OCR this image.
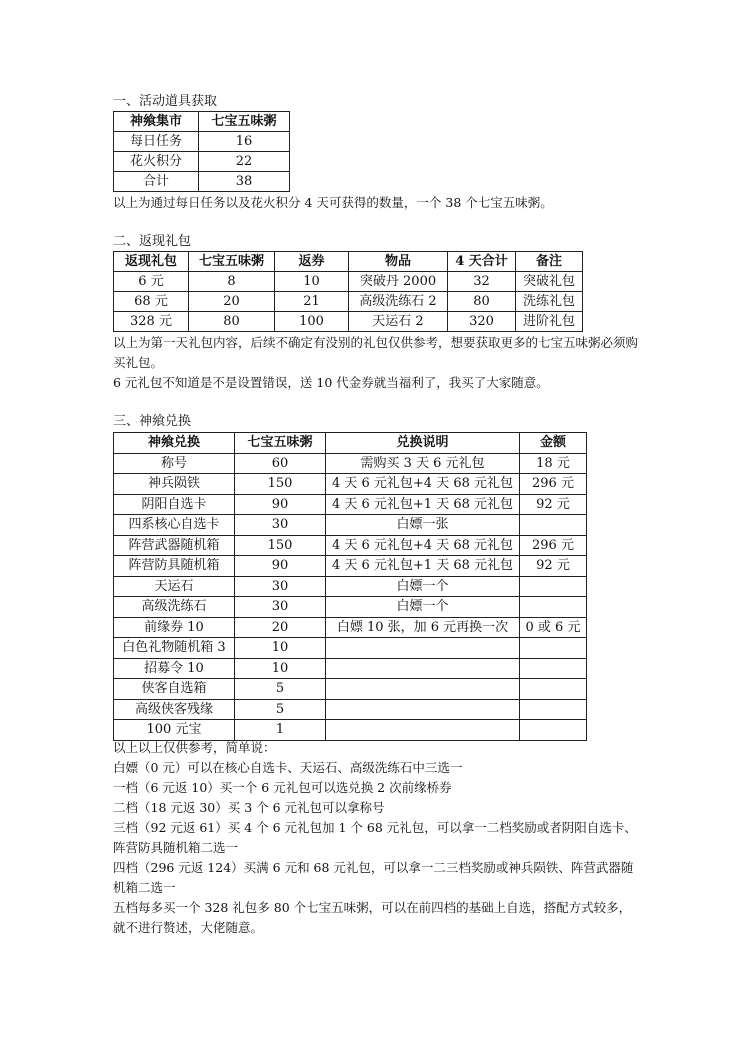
一、活动道具获取
神飨集市	七宝五味粥
每日任务	16
花火积分	22
合计	38
以上为通过每日任务以及花火积分 4 天可获得的数量，一个 38 个七宝五味粥。
二、返现礼包
返现礼包	七宝五味粥	返券	物品	4 天合计	备注
6 元	8	10	突破丹 2000	32	突破礼包
68 元	20	21	高级洗练石 2	80	洗练礼包
328 元	80	100	天运石 2	320	进阶礼包
以上为第一天礼包内容，后续不确定有没别的礼包仅供参考，想要获取更多的七宝五味粥必须购买礼包。
6 元礼包不知道是不是设置错误，送 10 代金券就当福利了，我买了大家随意。
三、神飨兑换
神飨兑换	七宝五味粥	兑换说明	金额
称号	60	需购买 3 天 6 元礼包	18 元
神兵陨铁	150	4 天 6 元礼包+4 天 68 元礼包	296 元
阴阳自选卡	90	4 天 6 元礼包+1 天 68 元礼包	92 元
四系核心自选卡	30	白嫖一张	
阵营武器随机箱	150	4 天 6 元礼包+4 天 68 元礼包	296 元
阵营防具随机箱	90	4 天 6 元礼包+1 天 68 元礼包	92 元
天运石	30	白嫖一个	
高级洗练石	30	白嫖一个	
前缘券 10	20	白嫖 10 张，加 6 元再换一次	0 或 6 元
白色礼物随机箱 3	10		
招募令 10	10		
侠客自选箱	5		
高级侠客残缘	5		
100 元宝	1		
以上以上仅供参考，简单说：
白嫖（0 元）可以在核心自选卡、天运石、高级洗练石中三选一
一档（6 元返 10）买一个 6 元礼包可以选兑换 2 次前缘桥券
二档（18 元返 30）买 3 个 6 元礼包可以拿称号
三档（92 元返 61）买 4 个 6 元礼包加 1 个 68 元礼包，可以拿一二档奖励或者阴阳自选卡、阵营防具随机箱二选一
四档（296 元返 124）买满 6 元和 68 元礼包，可以拿一二三档奖励或神兵陨铁、阵营武器随机箱二选一
五档每多买一个 328 礼包多 80 个七宝五味粥，可以在前四档的基础上自选，搭配方式较多，就不进行赘述，大佬随意。
